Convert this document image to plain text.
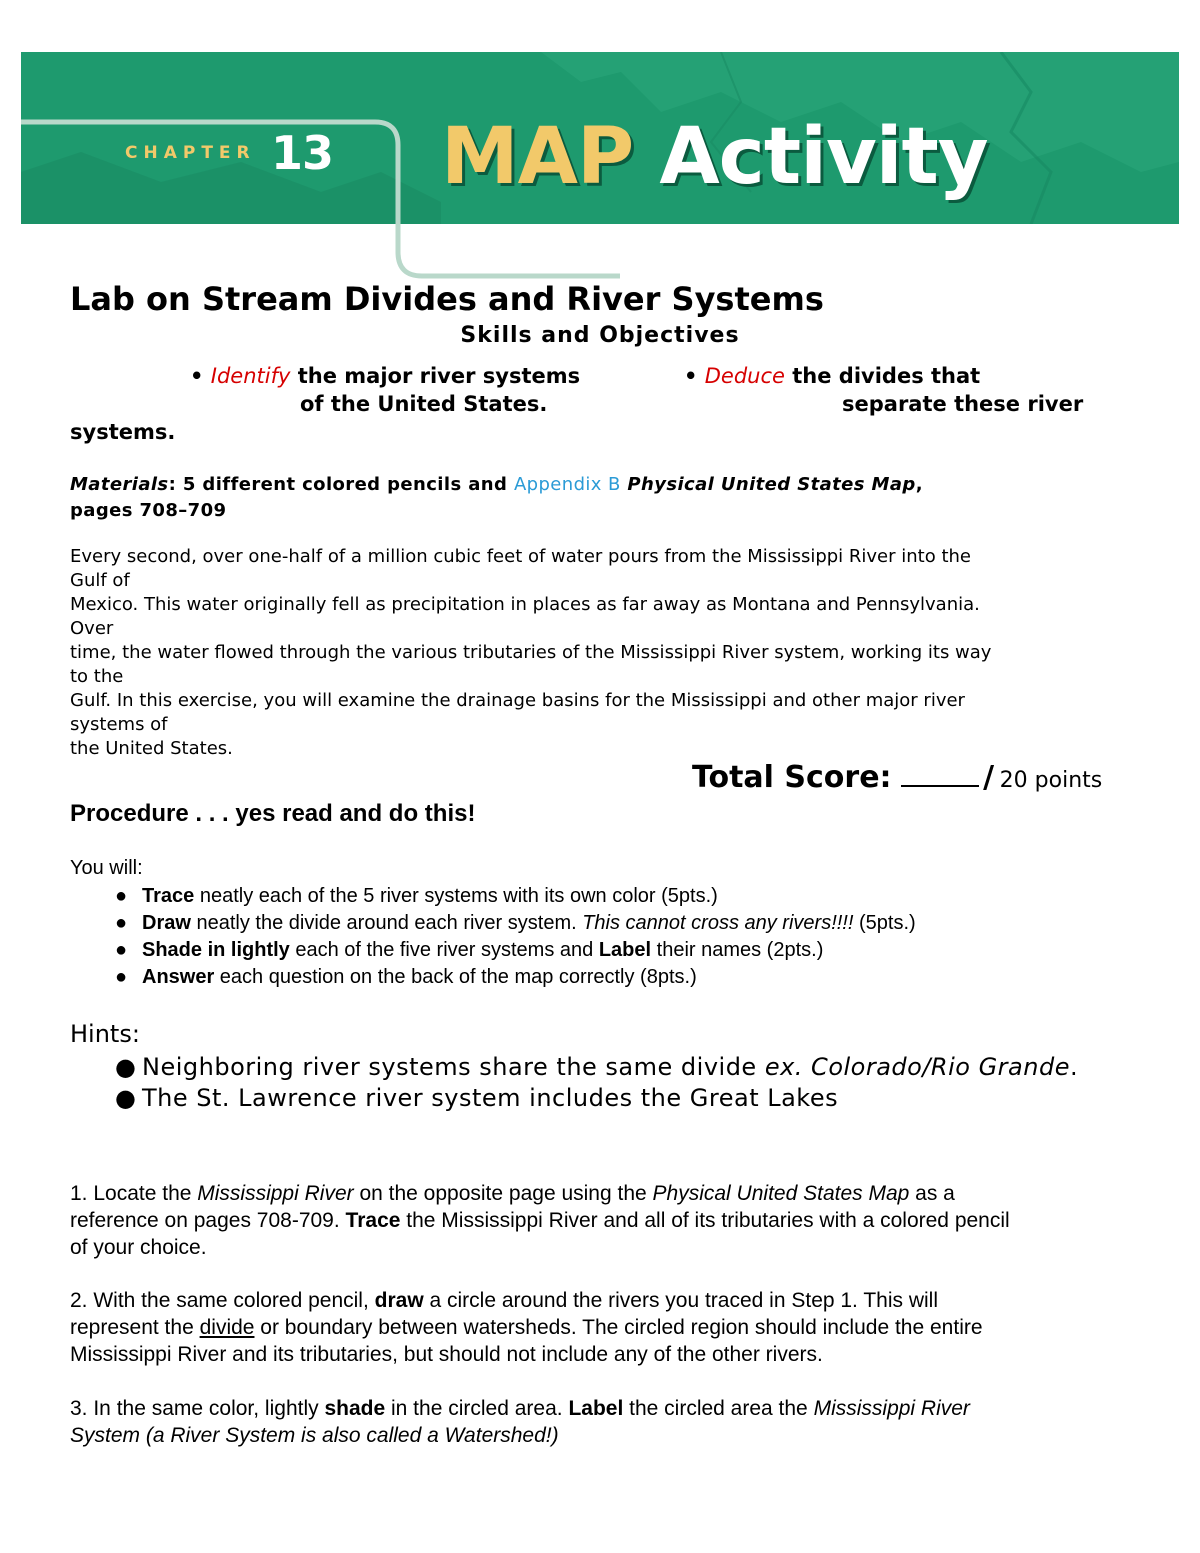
CHAPTER 13 MAP Activity
Lab on Stream Divides and River Systems
Skills and Objectives
• Identify the major river systems
of the United States.
• Deduce the divides that
separate these river
systems.
Materials: 5 different colored pencils and Appendix B Physical United States Map,
pages 708–709
Every second, over one-half of a million cubic feet of water pours from the Mississippi River into the
Gulf of
Mexico. This water originally fell as precipitation in places as far away as Montana and Pennsylvania.
Over
time, the water flowed through the various tributaries of the Mississippi River system, working its way
to the
Gulf. In this exercise, you will examine the drainage basins for the Mississippi and other major river
systems of
the United States.
Total Score:	/ 20 points
Procedure . . . yes read and do this!
You will:
● Trace neatly each of the 5 river systems with its own color (5pts.)
● Draw neatly the divide around each river system. This cannot cross any rivers!!!! (5pts.)
● Shade in lightly each of the five river systems and Label their names (2pts.)
● Answer each question on the back of the map correctly (8pts.)
Hints:
● Neighboring river systems share the same divide ex. Colorado/Rio Grande.
● The St. Lawrence river system includes the Great Lakes
1. Locate the Mississippi River on the opposite page using the Physical United States Map as a
reference on pages 708-709. Trace the Mississippi River and all of its tributaries with a colored pencil
of your choice.
2. With the same colored pencil, draw a circle around the rivers you traced in Step 1. This will
represent the divide or boundary between watersheds. The circled region should include the entire
Mississippi River and its tributaries, but should not include any of the other rivers.
3. In the same color, lightly shade in the circled area. Label the circled area the Mississippi River
System (a River System is also called a Watershed!)
